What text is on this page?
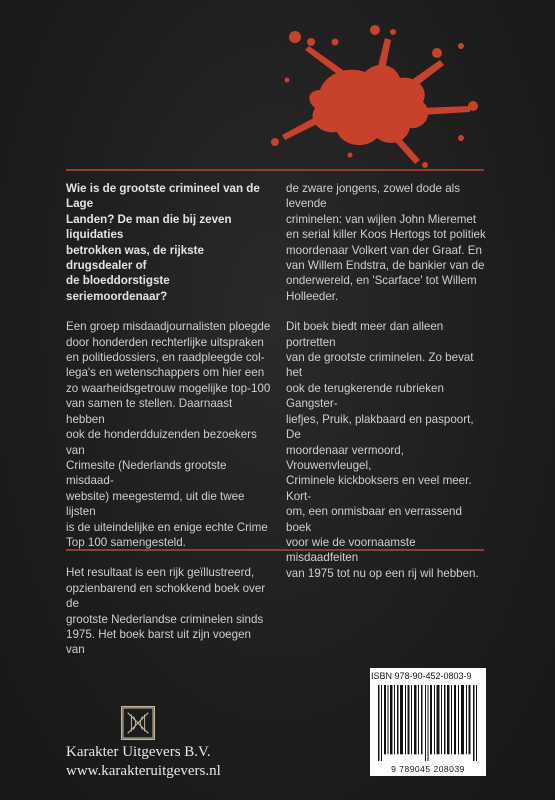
Wie is de grootste crimineel van de Lage
Landen? De man die bij zeven liquidaties
betrokken was, de rijkste drugsdealer of
de bloeddorstigste seriemoordenaar?

Een groep misdaadjournalisten ploegde
door honderden rechterlijke uitspraken
en politiedossiers, en raadpleegde col-
lega's en wetenschappers om hier een
zo waarheidsgetrouw mogelijke top-100
van samen te stellen. Daarnaast hebben
ook de honderdduizenden bezoekers van
Crimesite (Nederlands grootste misdaad-
website) meegestemd, uit die twee lijsten
is de uiteindelijke en enige echte Crime
Top 100 samengesteld.

Het resultaat is een rijk geïllustreerd,
opzienbarend en schokkend boek over de
grootste Nederlandse criminelen sinds
1975. Het boek barst uit zijn voegen van

de zware jongens, zowel dode als levende
criminelen: van wijlen John Mieremet
en serial killer Koos Hertogs tot politiek
moordenaar Volkert van der Graaf. En
van Willem Endstra, de bankier van de
onderwereld, en 'Scarface' tot Willem
Holleeder.

Dit boek biedt meer dan alleen portretten
van de grootste criminelen. Zo bevat het
ook de terugkerende rubrieken Gangster-
liefjes, Pruik, plakbaard en paspoort, De
moordenaar vermoord, Vrouwenvleugel,
Criminele kickboksers en veel meer. Kort-
om, een onmisbaar en verrassend boek
voor wie de voornaamste misdaadfeiten
van 1975 tot nu op een rij wil hebben.

Karakter Uitgevers B.V.
www.karakteruitgevers.nl
ISBN 978-90-452-0803-9
9 789045 208039
